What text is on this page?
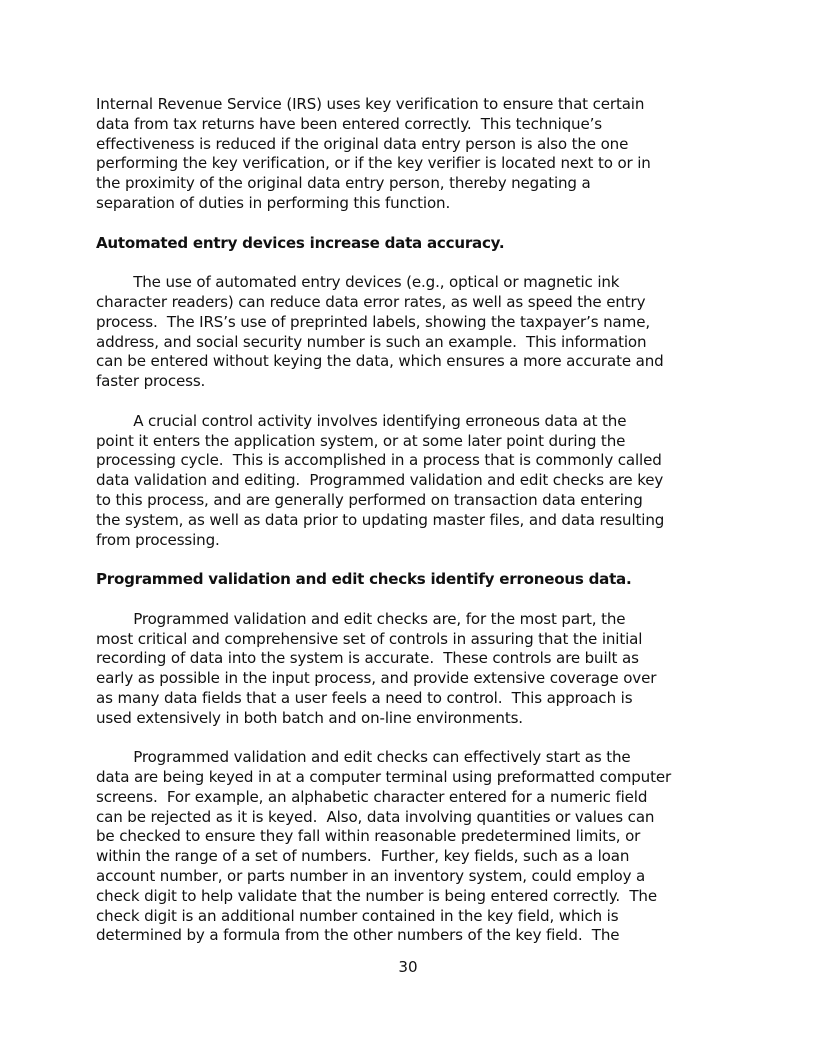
Internal Revenue Service (IRS) uses key verification to ensure that certain
data from tax returns have been entered correctly.  This technique’s
effectiveness is reduced if the original data entry person is also the one
performing the key verification, or if the key verifier is located next to or in
the proximity of the original data entry person, thereby negating a
separation of duties in performing this function.
Automated entry devices increase data accuracy.
The use of automated entry devices (e.g., optical or magnetic ink
character readers) can reduce data error rates, as well as speed the entry
process.  The IRS’s use of preprinted labels, showing the taxpayer’s name,
address, and social security number is such an example.  This information
can be entered without keying the data, which ensures a more accurate and
faster process.
A crucial control activity involves identifying erroneous data at the
point it enters the application system, or at some later point during the
processing cycle.  This is accomplished in a process that is commonly called
data validation and editing.  Programmed validation and edit checks are key
to this process, and are generally performed on transaction data entering
the system, as well as data prior to updating master files, and data resulting
from processing.
Programmed validation and edit checks identify erroneous data.
Programmed validation and edit checks are, for the most part, the
most critical and comprehensive set of controls in assuring that the initial
recording of data into the system is accurate.  These controls are built as
early as possible in the input process, and provide extensive coverage over
as many data fields that a user feels a need to control.  This approach is
used extensively in both batch and on-line environments.
Programmed validation and edit checks can effectively start as the
data are being keyed in at a computer terminal using preformatted computer
screens.  For example, an alphabetic character entered for a numeric field
can be rejected as it is keyed.  Also, data involving quantities or values can
be checked to ensure they fall within reasonable predetermined limits, or
within the range of a set of numbers.  Further, key fields, such as a loan
account number, or parts number in an inventory system, could employ a
check digit to help validate that the number is being entered correctly.  The
check digit is an additional number contained in the key field, which is
determined by a formula from the other numbers of the key field.  The
30
